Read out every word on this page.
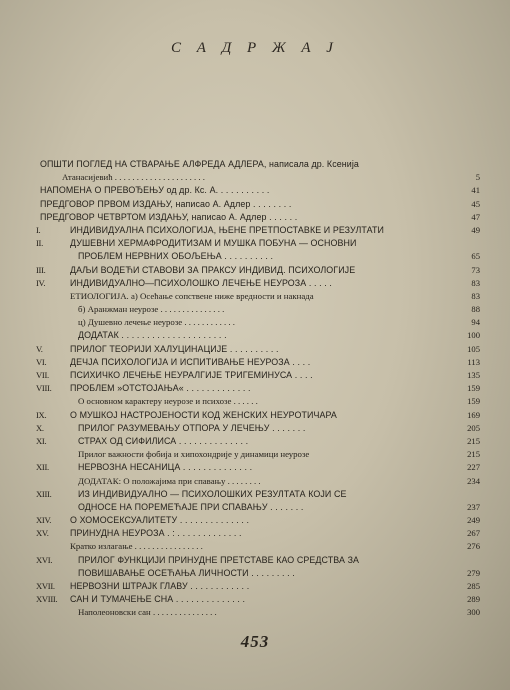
С А Д Р Ж А Ј
ОПШТИ ПОГЛЕД НА СТВАРАЊЕ АЛФРЕДА АДЛЕРА, написала др. Ксенија
Атанасијевић . . . . . . . . . . . . . . . . . . . . .	5
НАПОМЕНА О ПРЕВОЂЕЊУ од др. Кс. А. . . . . . . . . . .	41
ПРЕДГОВОР ПРВОМ ИЗДАЊУ, написао А. Адлер . . . . . . . .	45
ПРЕДГОВОР ЧЕТВРТОМ ИЗДАЊУ, написао А. Адлер . . . . . .	47
I.	ИНДИВИДУАЛНА ПСИХОЛОГИЈА, ЊЕНЕ ПРЕТПОСТАВКЕ И РЕЗУЛТАТИ	49
II.	ДУШЕВНИ ХЕРМАФРОДИТИЗАМ И МУШКА ПОБУНА — ОСНОВНИ
ПРОБЛЕМ НЕРВНИХ ОБОЉЕЊА . . . . . . . . . .	65
III.	ДАЉИ ВОДЕЋИ СТАВОВИ ЗА ПРАКСУ ИНДИВИД. ПСИХОЛОГИЈЕ	73
IV.	ИНДИВИДУАЛНО—ПСИХОЛОШКО ЛЕЧЕЊЕ НЕУРОЗА . . . . .	83
ЕТИОЛОГИЈА. а) Осећање сопствене ниже вредности и накнада	83
б) Аранжман неурозе . . . . . . . . . . . . . . .	88
ц) Душевно лечење неурозе . . . . . . . . . . . .	94
ДОДАТАК . . . . . . . . . . . . . . . . . . . . .	100
V.	ПРИЛОГ ТЕОРИЈИ ХАЛУЦИНАЦИЈЕ . . . . . . . . . .	105
VI.	ДЕЧЈА ПСИХОЛОГИЈА И ИСПИТИВАЊЕ НЕУРОЗА . . . .	113
VII.	ПСИХИЧКО ЛЕЧЕЊЕ НЕУРАЛГИЈЕ ТРИГЕМИНУСА . . . .	135
VIII.	ПРОБЛЕМ »ОТСТОЈАЊА« . . . . . . . . . . . . .	159
О основном карактеру неурозе и психозе . . . . . .	159
IX.	О МУШКОЈ НАСТРОЈЕНОСТИ КОД ЖЕНСКИХ НЕУРОТИЧАРА	169
X.	ПРИЛОГ РАЗУМЕВАЊУ ОТПОРА У ЛЕЧЕЊУ . . . . . . .	205
XI.	СТРАХ ОД СИФИЛИСА . . . . . . . . . . . . . .	215
Прилог важности фобија и хипохондрије у динамици неурозе	215
XII.	НЕРВОЗНА НЕСАНИЦА . . . . . . . . . . . . . .	227
ДОДАТАК: О положајима при спавању . . . . . . . .	234
XIII.	ИЗ ИНДИВИДУАЛНО — ПСИХОЛОШКИХ РЕЗУЛТАТА КОЈИ СЕ
ОДНОСЕ НА ПОРЕМЕЋАЈЕ ПРИ СПАВАЊУ . . . . . . .	237
XIV.	О ХОМОСЕКСУАЛИТЕТУ . . . . . . . . . . . . . .	249
XV.	ПРИНУДНА НЕУРОЗА . : . . . . . . . . . . . . .	267
Кратко излагање . . . . . . . . . . . . . . . .	276
XVI.	ПРИЛОГ ФУНКЦИЈИ ПРИНУДНЕ ПРЕТСТАВЕ КАО СРЕДСТВА ЗА
ПОВИШАВАЊЕ ОСЕЋАЊА ЛИЧНОСТИ . . . . . . . . .	279
XVII.	НЕРВОЗНИ ШТРАЈК ГЛАВУ . . . . . . . . . . . .	285
XVIII. САН И ТУМАЧЕЊЕ СНА . . . . . . . . . . . . . .	289
Наполеоновски сан . . . . . . . . . . . . . . .	300
453
